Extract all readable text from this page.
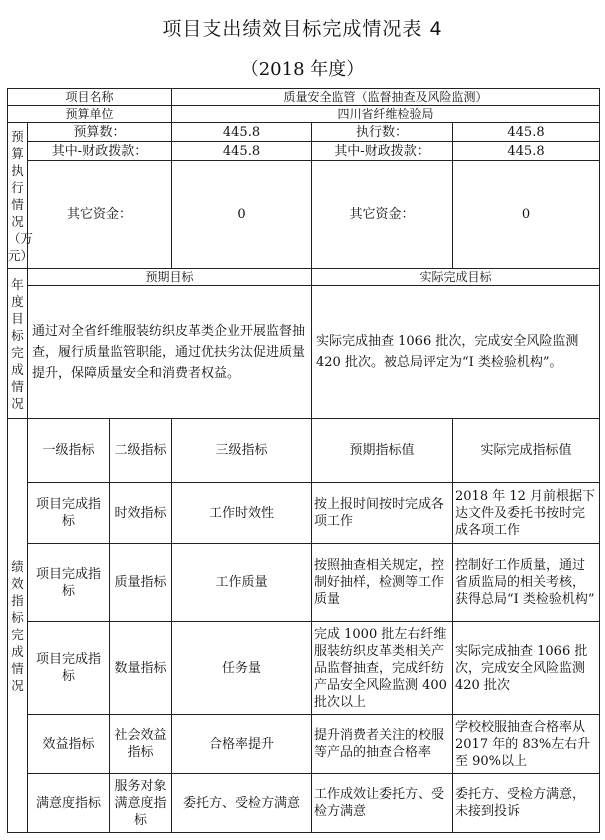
项目支出绩效目标完成情况表 4
（2018 年度）
项目名称			质量安全监管（监督抽查及风险监测）		
预算单位			四川省纤维检验局		
预算执行情况（万元）	预算数：		445.8	执行数：	445.8
	其中-财政拨款：		445.8	其中-财政拨款：	445.8
	其它资金：		0	其它资金：	0

年度目标完成情况	预期目标			实际完成目标	
	通过对全省纤维服装纺织皮革类企业开展监督抽查，履行质量监管职能，通过优扶劣汰促进质量提升，保障质量安全和消费者权益。			实际完成抽查 1066 批次，完成安全风险监测 420 批次。被总局评定为“I 类检验机构”。	
绩效指标完成情况	一级指标	二级指标	三级指标	预期指标值	实际完成指标值
	项目完成指标	时效指标	工作时效性	按上报时间按时完成各项工作	2018 年 12 月前根据下达文件及委托书按时完成各项工作
	项目完成指标	质量指标	工作质量	按照抽查相关规定，控制好抽样，检测等工作质量	控制好工作质量，通过省质监局的相关考核，获得总局“I 类检验机构”
	项目完成指标	数量指标	任务量	完成 1000 批左右纤维服装纺织皮革类相关产品监督抽查，完成纤纺产品安全风险监测 400 批次以上	实际完成抽查 1066 批次，完成安全风险监测 420 批次
	效益指标	社会效益指标	合格率提升	提升消费者关注的校服等产品的抽查合格率	学校校服抽查合格率从 2017 年的 83%左右升至 90%以上
	满意度指标	服务对象满意度指标	委托方、受检方满意	工作成效让委托方、受检方满意	委托方、受检方满意，未接到投诉
